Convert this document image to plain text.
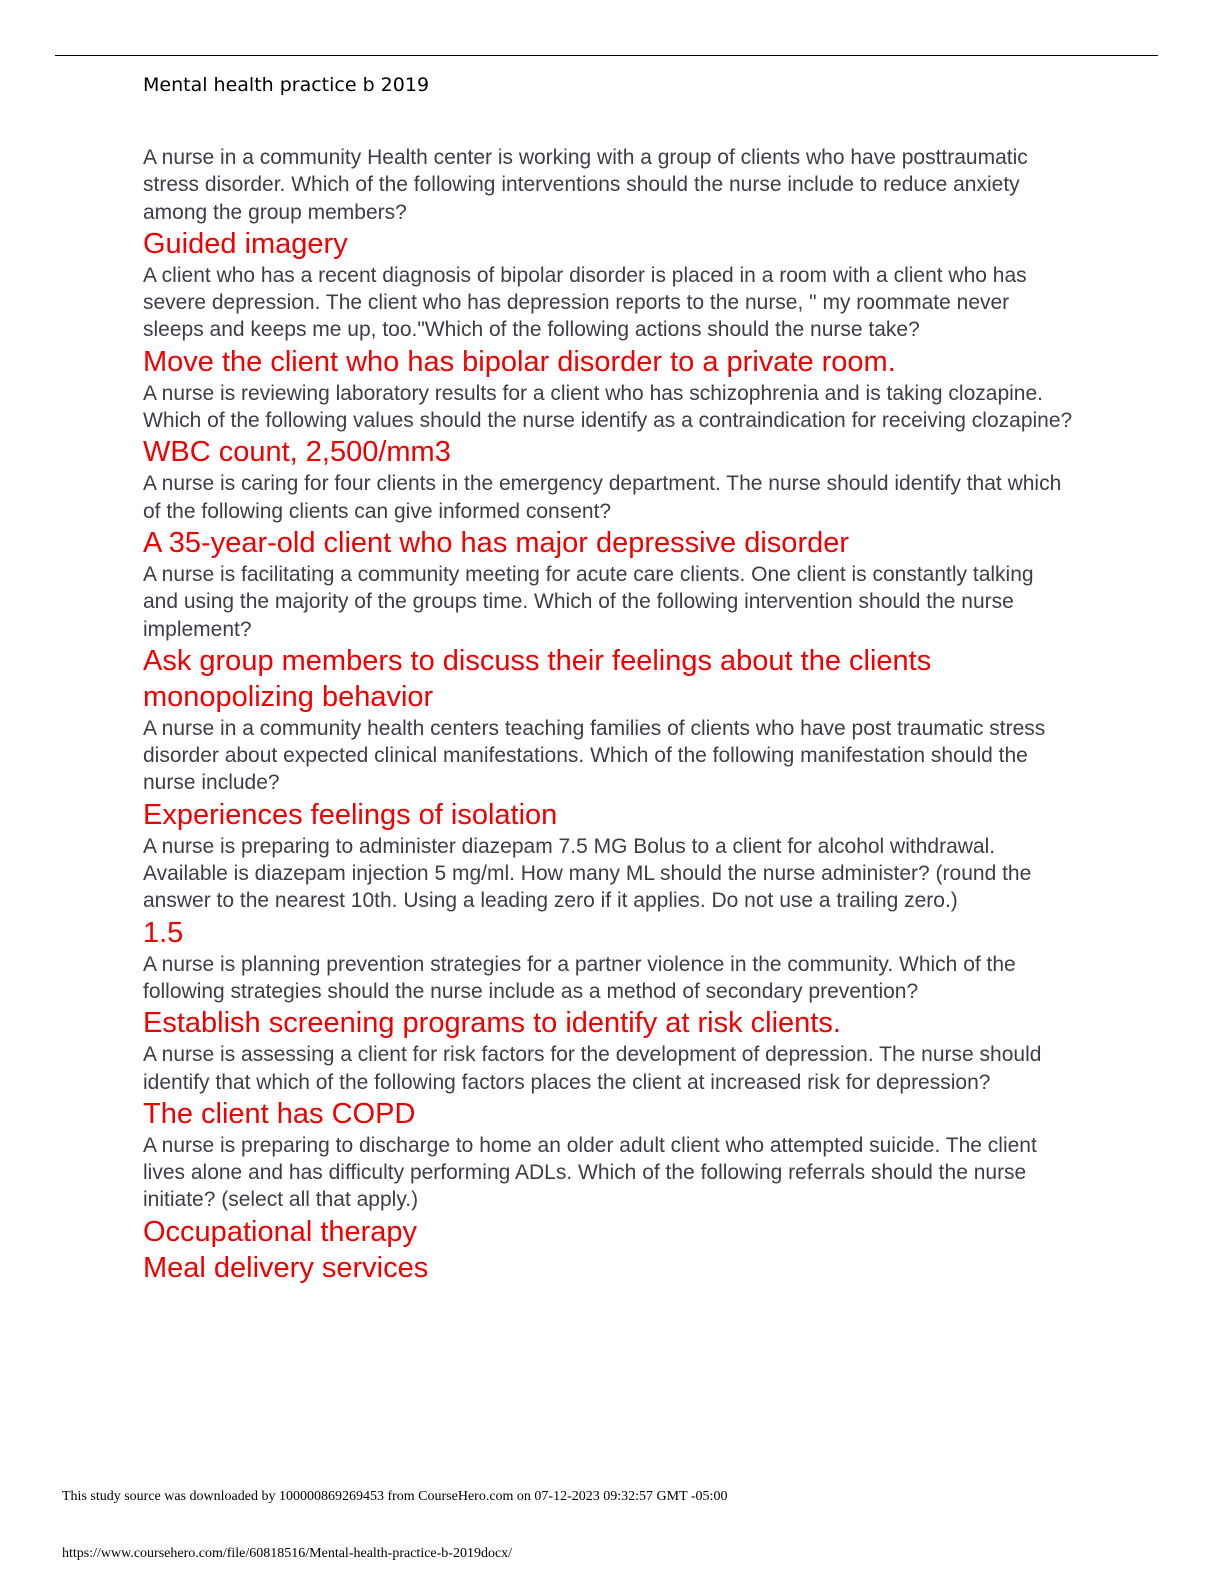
Mental health practice b 2019

A nurse in a community Health center is working with a group of clients who have posttraumatic stress disorder. Which of the following interventions should the nurse include to reduce anxiety among the group members?

Guided imagery

A client who has a recent diagnosis of bipolar disorder is placed in a room with a client who has severe depression. The client who has depression reports to the nurse, " my roommate never sleeps and keeps me up, too."Which of the following actions should the nurse take?

Move the client who has bipolar disorder to a private room.

A nurse is reviewing laboratory results for a client who has schizophrenia and is taking clozapine. Which of the following values should the nurse identify as a contraindication for receiving clozapine?

WBC count, 2,500/mm3

A nurse is caring for four clients in the emergency department. The nurse should identify that which of the following clients can give informed consent?

A 35-year-old client who has major depressive disorder

A nurse is facilitating a community meeting for acute care clients. One client is constantly talking and using the majority of the groups time. Which of the following intervention should the nurse implement?

Ask group members to discuss their feelings about the clients monopolizing behavior

A nurse in a community health centers teaching families of clients who have post traumatic stress disorder about expected clinical manifestations. Which of the following manifestation should the nurse include?

Experiences feelings of isolation

A nurse is preparing to administer diazepam 7.5 MG Bolus to a client for alcohol withdrawal. Available is diazepam injection 5 mg/ml. How many ML should the nurse administer? (round the answer to the nearest 10th. Using a leading zero if it applies. Do not use a trailing zero.)

1.5

A nurse is planning prevention strategies for a partner violence in the community. Which of the following strategies should the nurse include as a method of secondary prevention?

Establish screening programs to identify at risk clients.

A nurse is assessing a client for risk factors for the development of depression. The nurse should identify that which of the following factors places the client at increased risk for depression?

The client has COPD

A nurse is preparing to discharge to home an older adult client who attempted suicide. The client lives alone and has difficulty performing ADLs. Which of the following referrals should the nurse initiate? (select all that apply.)

Occupational therapy

Meal delivery services

This study source was downloaded by 100000869269453 from CourseHero.com on 07-12-2023 09:32:57 GMT -05:00
https://www.coursehero.com/file/60818516/Mental-health-practice-b-2019docx/
